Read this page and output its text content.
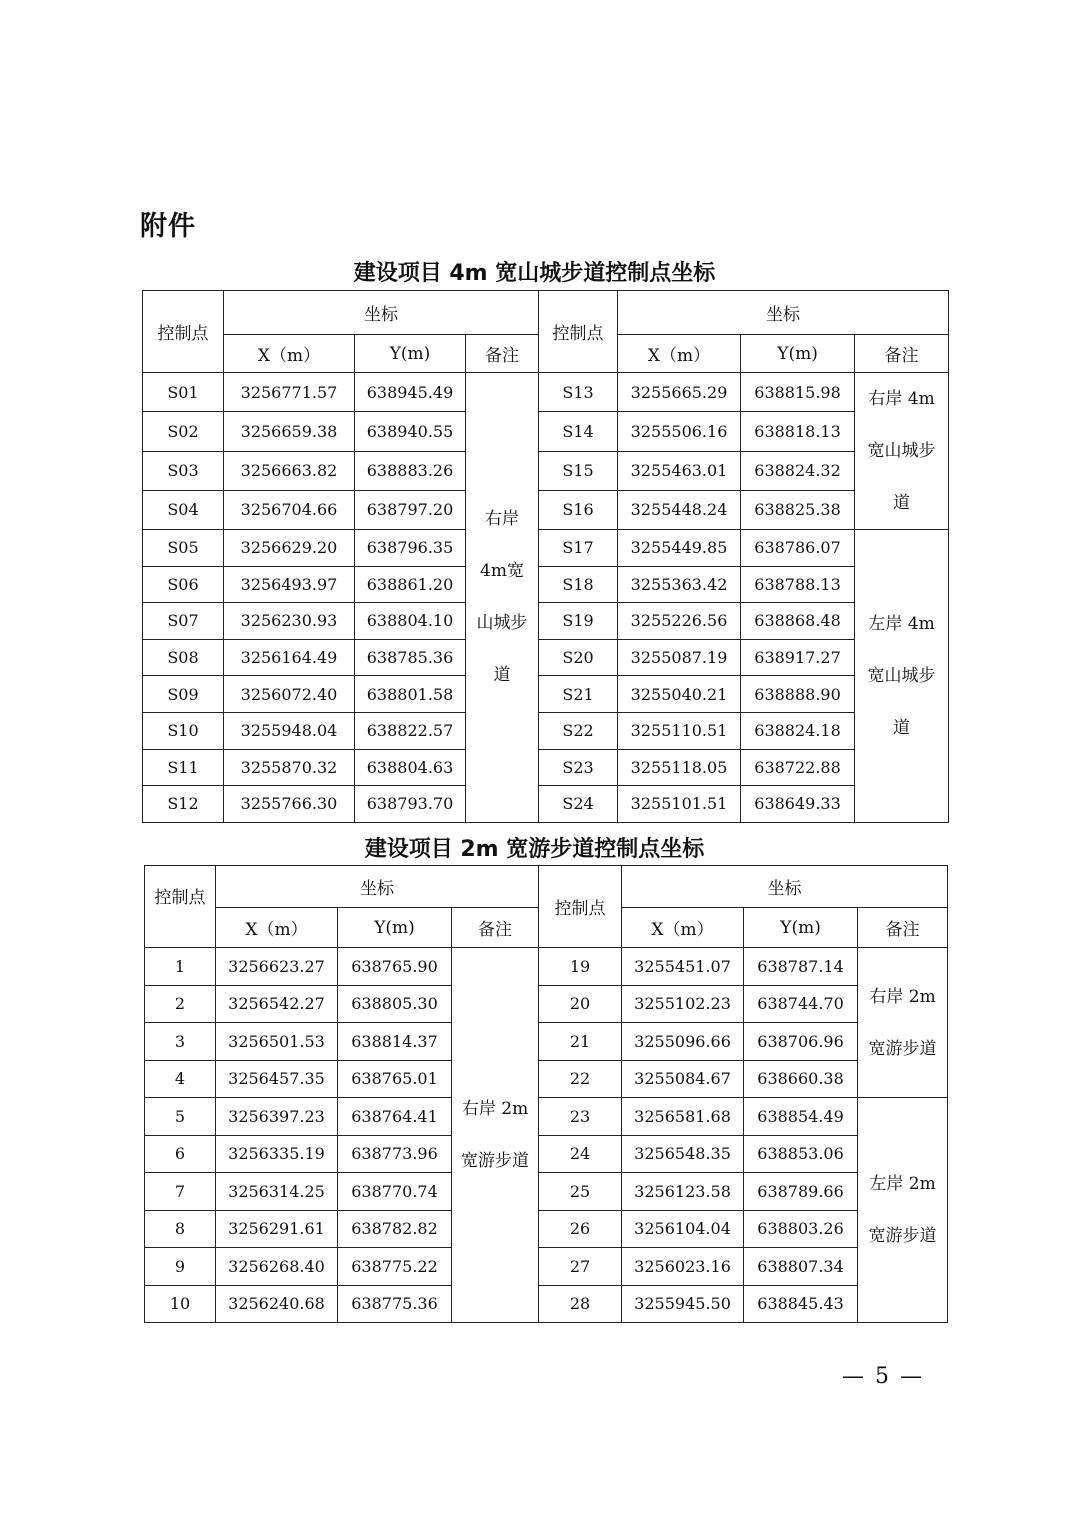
附件
建设项目 4m 宽山城步道控制点坐标
控制点	坐标			控制点	坐标		
	X（m）	Y(m)	备注		X（m）	Y(m)	备注
S01	3256771.57	638945.49	右岸4m宽山城步道	S13	3255665.29	638815.98	右岸 4m宽山城步道
S02	3256659.38	638940.55		S14	3255506.16	638818.13	
S03	3256663.82	638883.26		S15	3255463.01	638824.32	
S04	3256704.66	638797.20		S16	3255448.24	638825.38	
S05	3256629.20	638796.35		S17	3255449.85	638786.07	左岸 4m宽山城步道
S06	3256493.97	638861.20		S18	3255363.42	638788.13	
S07	3256230.93	638804.10		S19	3255226.56	638868.48	
S08	3256164.49	638785.36		S20	3255087.19	638917.27	
S09	3256072.40	638801.58		S21	3255040.21	638888.90	
S10	3255948.04	638822.57		S22	3255110.51	638824.18	
S11	3255870.32	638804.63		S23	3255118.05	638722.88	
S12	3255766.30	638793.70		S24	3255101.51	638649.33	
建设项目 2m 宽游步道控制点坐标
控制点	坐标			控制点	坐标		
	X（m）	Y(m)	备注		X（m）	Y(m)	备注
1	3256623.27	638765.90	右岸 2m宽游步道	19	3255451.07	638787.14	右岸 2m宽游步道
2	3256542.27	638805.30		20	3255102.23	638744.70	
3	3256501.53	638814.37		21	3255096.66	638706.96	
4	3256457.35	638765.01		22	3255084.67	638660.38	
5	3256397.23	638764.41		23	3256581.68	638854.49	左岸 2m宽游步道
6	3256335.19	638773.96		24	3256548.35	638853.06	
7	3256314.25	638770.74		25	3256123.58	638789.66	
8	3256291.61	638782.82		26	3256104.04	638803.26	
9	3256268.40	638775.22		27	3256023.16	638807.34	
10	3256240.68	638775.36		28	3255945.50	638845.43	
— 5 —
